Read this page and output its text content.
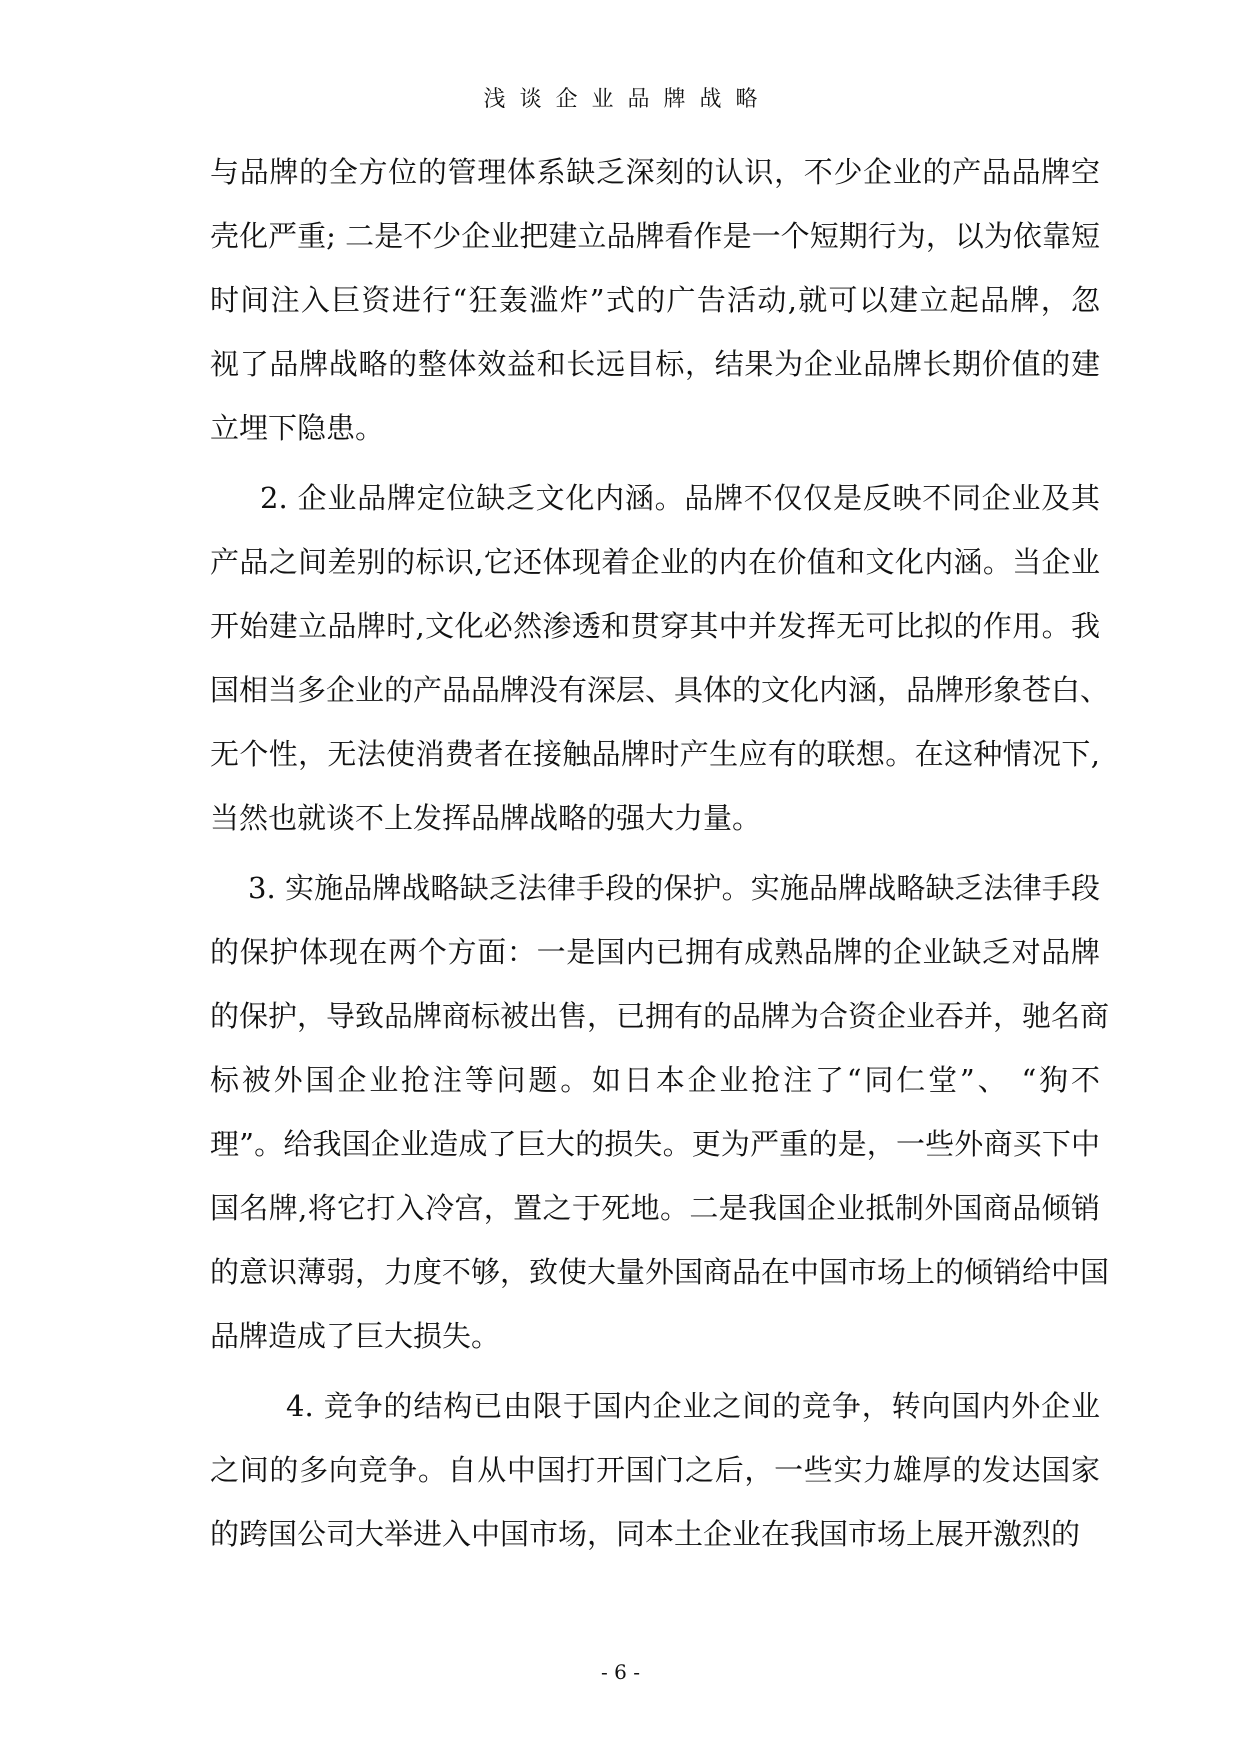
浅谈企业品牌战略
与品牌的全方位的管理体系缺乏深刻的认识，不少企业的产品品牌空
壳化严重; 二是不少企业把建立品牌看作是一个短期行为，以为依靠短
时间注入巨资进行“狂轰滥炸”式的广告活动,就可以建立起品牌，忽
视了品牌战略的整体效益和长远目标，结果为企业品牌长期价值的建
立埋下隐患。
2. 企业品牌定位缺乏文化内涵。品牌不仅仅是反映不同企业及其
产品之间差别的标识,它还体现着企业的内在价值和文化内涵。当企业
开始建立品牌时,文化必然渗透和贯穿其中并发挥无可比拟的作用。我
国相当多企业的产品品牌没有深层、具体的文化内涵，品牌形象苍白、
无个性，无法使消费者在接触品牌时产生应有的联想。在这种情况下,
当然也就谈不上发挥品牌战略的强大力量。
3. 实施品牌战略缺乏法律手段的保护。实施品牌战略缺乏法律手段
的保护体现在两个方面：一是国内已拥有成熟品牌的企业缺乏对品牌
的保护，导致品牌商标被出售，已拥有的品牌为合资企业吞并，驰名商
标被外国企业抢注等问题。如日本企业抢注了“同仁堂”、 “狗不
理”。给我国企业造成了巨大的损失。更为严重的是，一些外商买下中
国名牌,将它打入冷宫，置之于死地。二是我国企业抵制外国商品倾销
的意识薄弱，力度不够，致使大量外国商品在中国市场上的倾销给中国
品牌造成了巨大损失。
4. 竞争的结构已由限于国内企业之间的竞争，转向国内外企业
之间的多向竞争。自从中国打开国门之后，一些实力雄厚的发达国家
的跨国公司大举进入中国市场，同本土企业在我国市场上展开激烈的
- 6 -
